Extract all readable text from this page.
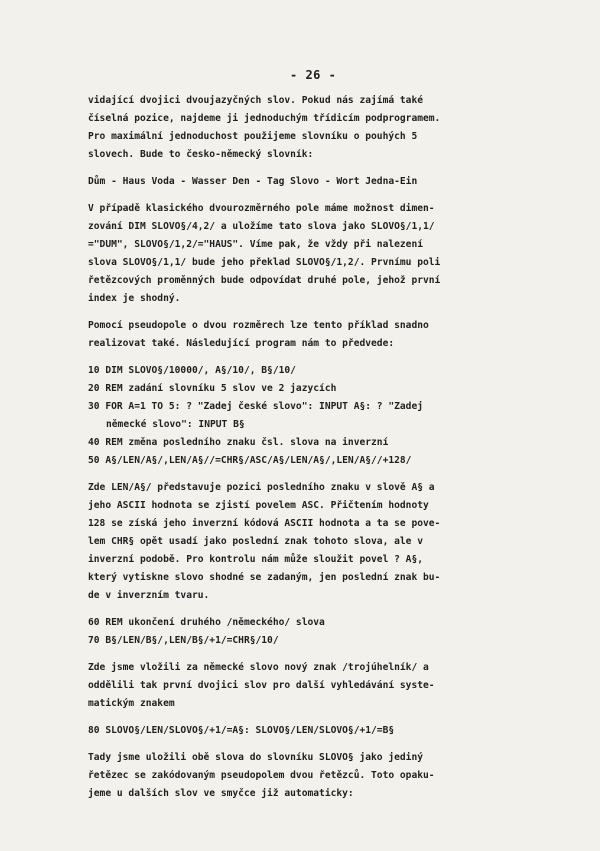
- 26 -
vidající dvojici dvoujazyčných slov. Pokud nás zajímá také
číselná pozice, najdeme ji jednoduchým třídicím podprogramem.
Pro maximální jednoduchost použijeme slovníku o pouhých 5
slovech. Bude to česko-německý slovník:
Dům - Haus Voda - Wasser Den - Tag Slovo - Wort Jedna-Ein
V případě klasického dvourozměrného pole máme možnost dimen-
zování DIM SLOVO§/4,2/ a uložíme tato slova jako SLOVO§/1,1/
="DUM", SLOVO§/1,2/="HAUS". Víme pak, že vždy při nalezení
slova SLOVO§/1,1/ bude jeho překlad SLOVO§/1,2/. Prvnímu poli
řetězcových proměnných bude odpovídat druhé pole, jehož první
index je shodný.
Pomocí pseudopole o dvou rozměrech lze tento příklad snadno
realizovat také. Následující program nám to předvede:
10 DIM SLOVO§/10000/, A§/10/, B§/10/
20 REM zadání slovníku 5 slov ve 2 jazycích
30 FOR A=1 TO 5: ? "Zadej české slovo": INPUT A§: ? "Zadej
německé slovo": INPUT B§
40 REM změna posledního znaku čsl. slova na inverzní
50 A§/LEN/A§/,LEN/A§//=CHR§/ASC/A§/LEN/A§/,LEN/A§//+128/
Zde LEN/A§/ představuje pozici posledního znaku v slově A§ a
jeho ASCII hodnota se zjistí povelem ASC. Přičtením hodnoty
128 se získá jeho inverzní kódová ASCII hodnota a ta se pove-
lem CHR§ opět usadí jako poslední znak tohoto slova, ale v
inverzní podobě. Pro kontrolu nám může sloužit povel ? A§,
který vytiskne slovo shodné se zadaným, jen poslední znak bu-
de v inverzním tvaru.
60 REM ukončení druhého /německého/ slova
70 B§/LEN/B§/,LEN/B§/+1/=CHR§/10/
Zde jsme vložili za německé slovo nový znak /trojúhelník/ a
oddělili tak první dvojici slov pro další vyhledávání syste-
matickým znakem
80 SLOVO§/LEN/SLOVO§/+1/=A§: SLOVO§/LEN/SLOVO§/+1/=B§
Tady jsme uložili obě slova do slovníku SLOVO§ jako jediný
řetězec se zakódovaným pseudopolem dvou řetězců. Toto opaku-
jeme u dalších slov ve smyčce již automaticky:
